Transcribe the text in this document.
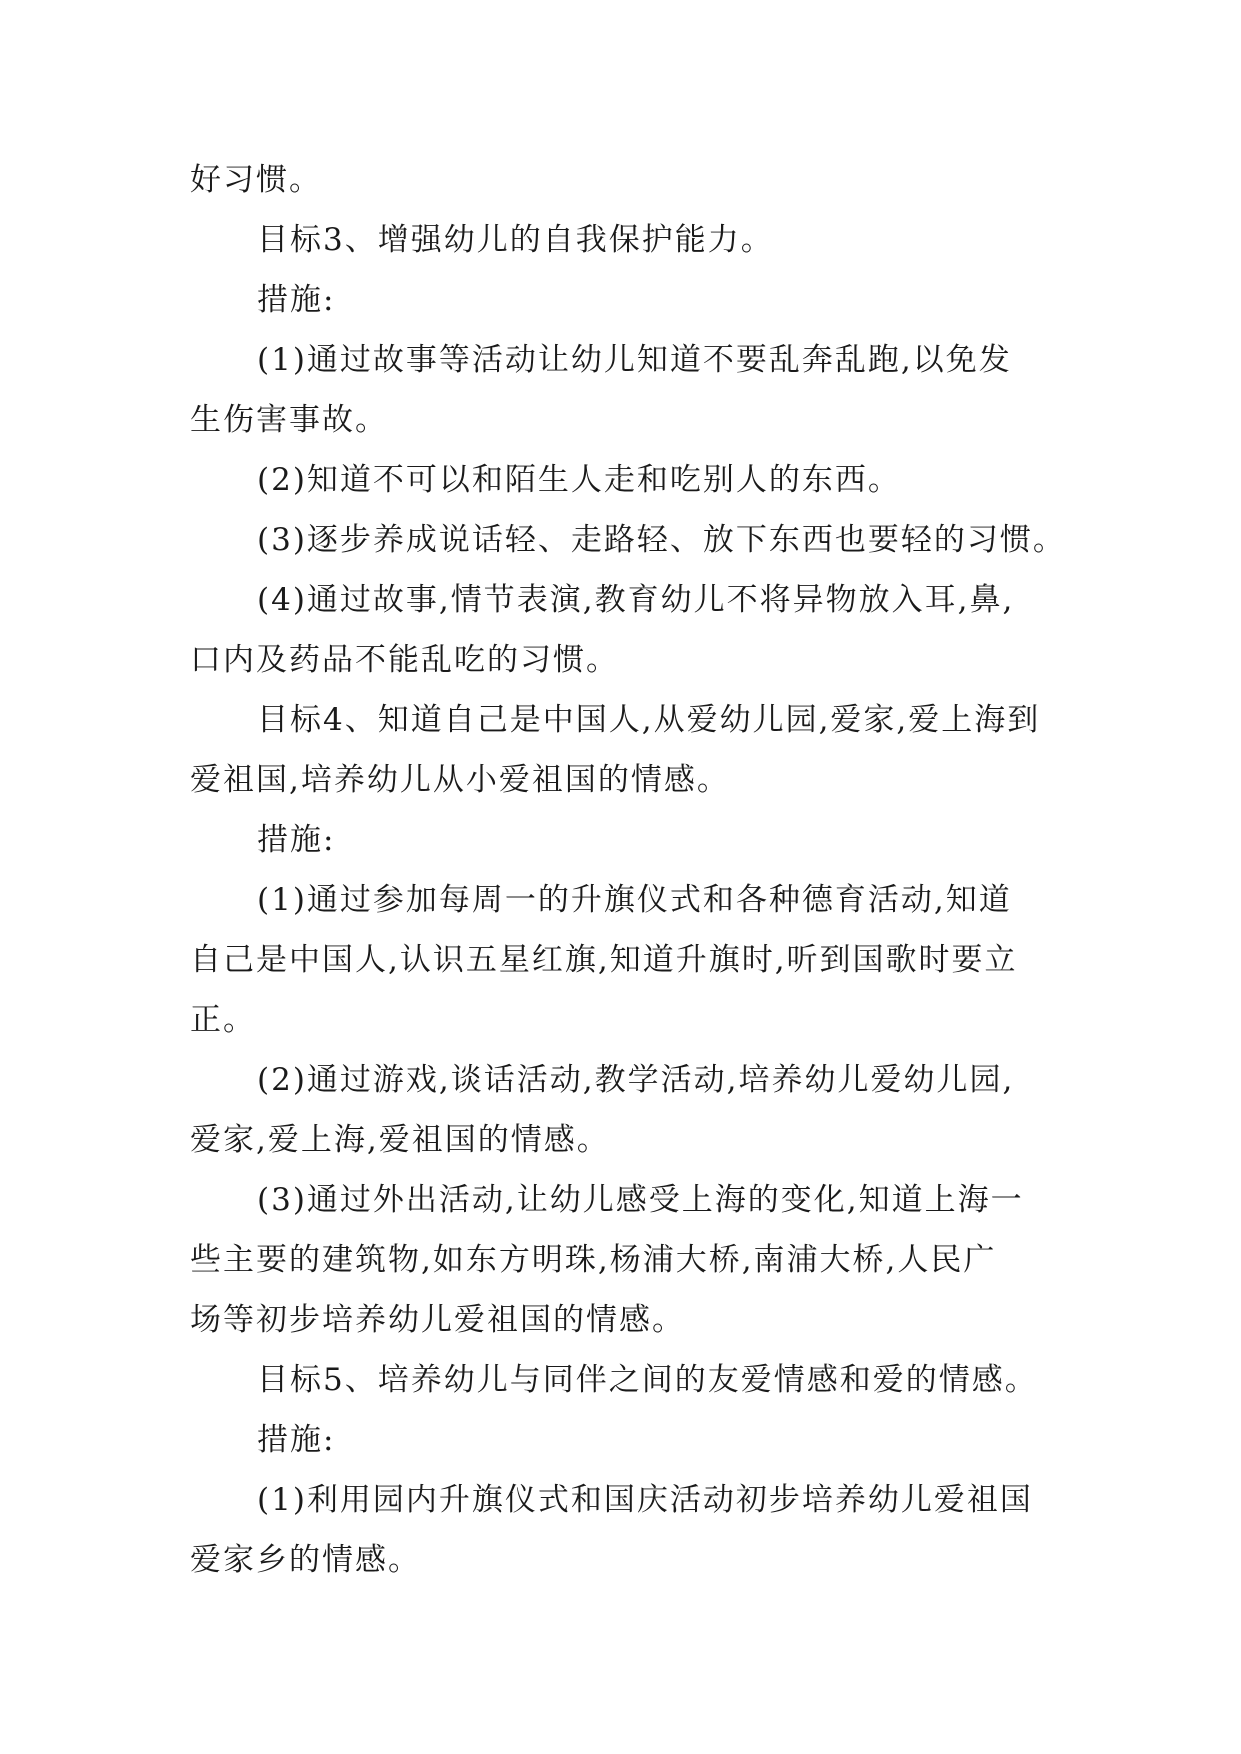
好习惯。
目标3、增强幼儿的自我保护能力。
措施:
(1)通过故事等活动让幼儿知道不要乱奔乱跑,以免发
生伤害事故。
(2)知道不可以和陌生人走和吃别人的东西。
(3)逐步养成说话轻、走路轻、放下东西也要轻的习惯。
(4)通过故事,情节表演,教育幼儿不将异物放入耳,鼻,
口内及药品不能乱吃的习惯。
目标4、知道自己是中国人,从爱幼儿园,爱家,爱上海到
爱祖国,培养幼儿从小爱祖国的情感。
措施:
(1)通过参加每周一的升旗仪式和各种德育活动,知道
自己是中国人,认识五星红旗,知道升旗时,听到国歌时要立
正。
(2)通过游戏,谈话活动,教学活动,培养幼儿爱幼儿园,
爱家,爱上海,爱祖国的情感。
(3)通过外出活动,让幼儿感受上海的变化,知道上海一
些主要的建筑物,如东方明珠,杨浦大桥,南浦大桥,人民广
场等初步培养幼儿爱祖国的情感。
目标5、培养幼儿与同伴之间的友爱情感和爱的情感。
措施:
(1)利用园内升旗仪式和国庆活动初步培养幼儿爱祖国
爱家乡的情感。
